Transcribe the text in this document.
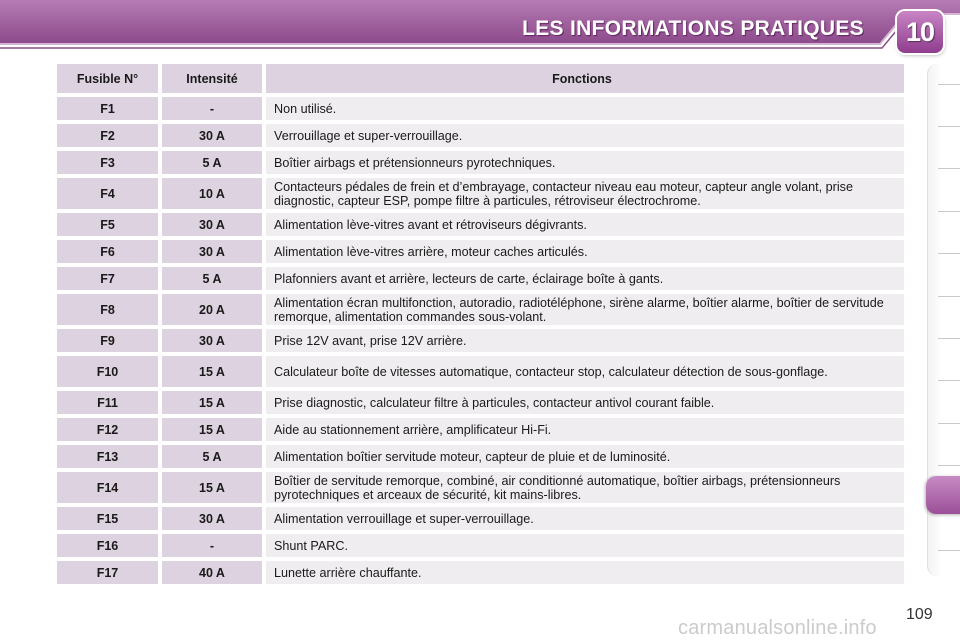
LES INFORMATIONS PRATIQUES 10
Fusible N°	Intensité	Fonctions
F1	-	Non utilisé.
F2	30 A	Verrouillage et super-verrouillage.
F3	5 A	Boîtier airbags et prétensionneurs pyrotechniques.
F4	10 A	Contacteurs pédales de frein et d’embrayage, contacteur niveau eau moteur, capteur angle volant, prise diagnostic, capteur ESP, pompe filtre à particules, rétroviseur électrochrome.
F5	30 A	Alimentation lève-vitres avant et rétroviseurs dégivrants.
F6	30 A	Alimentation lève-vitres arrière, moteur caches articulés.
F7	5 A	Plafonniers avant et arrière, lecteurs de carte, éclairage boîte à gants.
F8	20 A	Alimentation écran multifonction, autoradio, radiotéléphone, sirène alarme, boîtier alarme, boîtier de servitude remorque, alimentation commandes sous-volant.
F9	30 A	Prise 12V avant, prise 12V arrière.
F10	15 A	Calculateur boîte de vitesses automatique, contacteur stop, calculateur détection de sous-gonflage.
F11	15 A	Prise diagnostic, calculateur filtre à particules, contacteur antivol courant faible.
F12	15 A	Aide au stationnement arrière, amplificateur Hi-Fi.
F13	5 A	Alimentation boîtier servitude moteur, capteur de pluie et de luminosité.
F14	15 A	Boîtier de servitude remorque, combiné, air conditionné automatique, boîtier airbags, prétensionneurs pyrotechniques et arceaux de sécurité, kit mains-libres.
F15	30 A	Alimentation verrouillage et super-verrouillage.
F16	-	Shunt PARC.
F17	40 A	Lunette arrière chauffante.
109
carmanualsonline.info
